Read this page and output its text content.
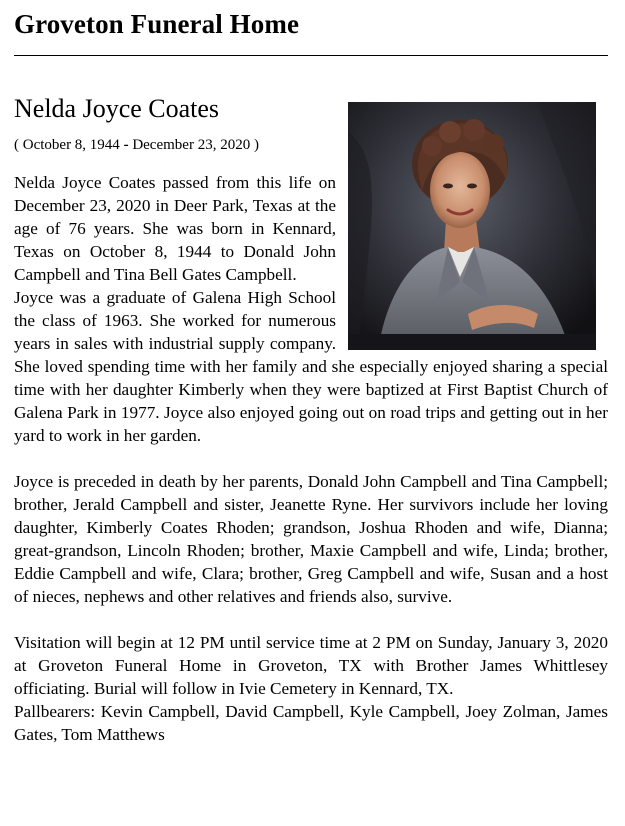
Groveton Funeral Home
Nelda Joyce Coates

( October 8, 1944 - December 23, 2020 )

Nelda Joyce Coates passed from this life on December 23, 2020 in Deer Park, Texas at the age of 76 years. She was born in Kennard, Texas on October 8, 1944 to Donald John Campbell and Tina Bell Gates Campbell.

Joyce was a graduate of Galena High School the class of 1963. She worked for numerous years in sales with industrial supply company. She loved spending time with her family and she especially enjoyed sharing a special time with her daughter Kimberly when they were baptized at First Baptist Church of Galena Park in 1977. Joyce also enjoyed going out on road trips and getting out in her yard to work in her garden.

Joyce is preceded in death by her parents, Donald John Campbell and Tina Campbell; brother, Jerald Campbell and sister, Jeanette Ryne. Her survivors include her loving daughter, Kimberly Coates Rhoden; grandson, Joshua Rhoden and wife, Dianna; great-grandson, Lincoln Rhoden; brother, Maxie Campbell and wife, Linda; brother, Eddie Campbell and wife, Clara; brother, Greg Campbell and wife, Susan and a host of nieces, nephews and other relatives and friends also, survive.

Visitation will begin at 12 PM until service time at 2 PM on Sunday, January 3, 2020 at Groveton Funeral Home in Groveton, TX with Brother James Whittlesey officiating. Burial will follow in Ivie Cemetery in Kennard, TX.

Pallbearers: Kevin Campbell, David Campbell, Kyle Campbell, Joey Zolman, James Gates, Tom Matthews
